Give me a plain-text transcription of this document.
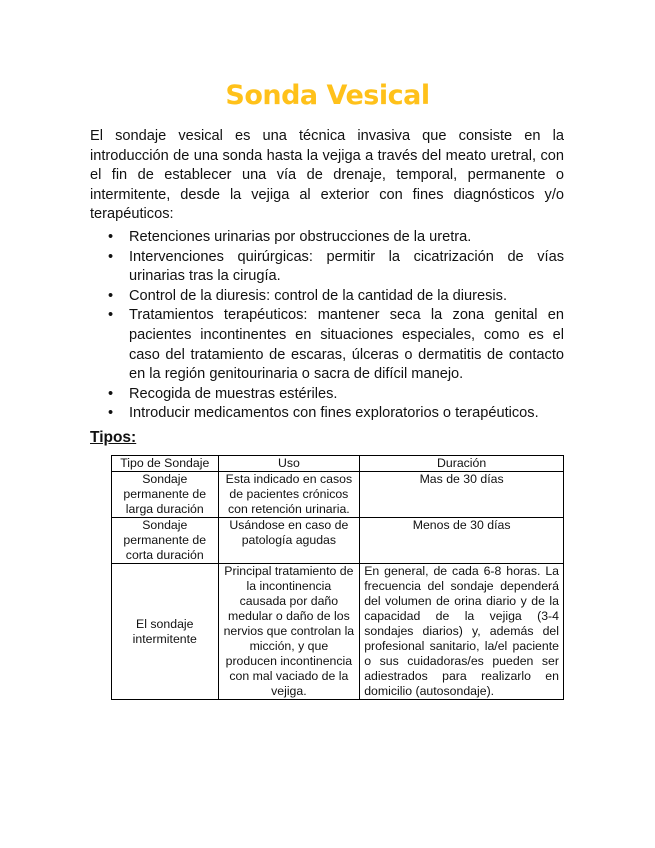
Sonda Vesical

El sondaje vesical es una técnica invasiva que consiste en la introducción de una sonda hasta la vejiga a través del meato uretral, con el fin de establecer una vía de drenaje, temporal, permanente o intermitente, desde la vejiga al exterior con fines diagnósticos y/o terapéuticos:

• Retenciones urinarias por obstrucciones de la uretra.
• Intervenciones quirúrgicas: permitir la cicatrización de vías urinarias tras la cirugía.
• Control de la diuresis: control de la cantidad de la diuresis.
• Tratamientos terapéuticos: mantener seca la zona genital en pacientes incontinentes en situaciones especiales, como es el caso del tratamiento de escaras, úlceras o dermatitis de contacto en la región genitourinaria o sacra de difícil manejo.
• Recogida de muestras estériles.
• Introducir medicamentos con fines exploratorios o terapéuticos.

Tipos:

Tipo de Sondaje	Uso	Duración
Sondaje permanente de larga duración	Esta indicado en casos de pacientes crónicos con retención urinaria.	Mas de 30 días
Sondaje permanente de corta duración	Usándose en caso de patología agudas	Menos de 30 días
El sondaje intermitente	Principal tratamiento de la incontinencia causada por daño medular o daño de los nervios que controlan la micción, y que producen incontinencia con mal vaciado de la vejiga.	En general, de cada 6-8 horas. La frecuencia del sondaje dependerá del volumen de orina diario y de la capacidad de la vejiga (3-4 sondajes diarios) y, además del profesional sanitario, la/el paciente o sus cuidadoras/es pueden ser adiestrados para realizarlo en domicilio (autosondaje).
